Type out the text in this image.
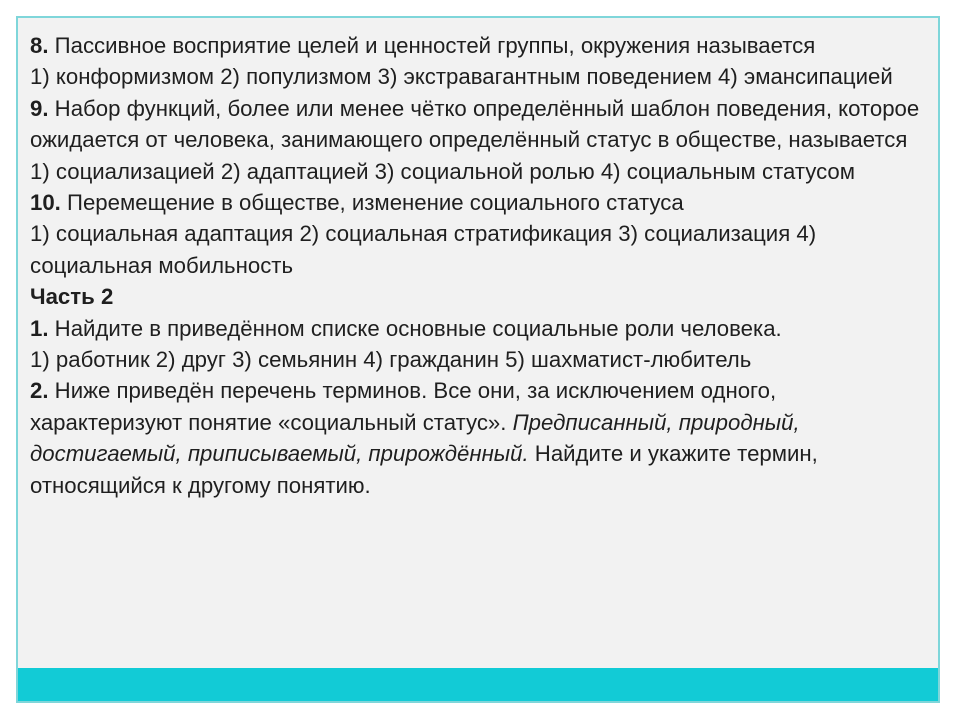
8. Пассивное восприятие целей и ценностей группы, окружения называется

1) конформизмом 2) популизмом 3) экстравагантным поведением 4) эмансипацией

9. Набор функций, более или менее чётко определённый шаблон поведения, которое ожидается от человека, занимающего определённый статус в обществе, называется

1) социализацией 2) адаптацией 3) социальной ролью 4) социальным статусом

10. Перемещение в обществе, изменение социального статуса

1) социальная адаптация 2) социальная стратификация 3) социализация 4) социальная мобильность

Часть 2

1. Найдите в приведённом списке основные социальные роли человека.

1) работник 2) друг 3) семьянин 4) гражданин 5) шахматист-любитель

2. Ниже приведён перечень терминов. Все они, за исключением одного, характеризуют понятие «социальный статус». Предписанный, природный, достигаемый, приписываемый, прирождённый. Найдите и укажите термин, относящийся к другому понятию.
